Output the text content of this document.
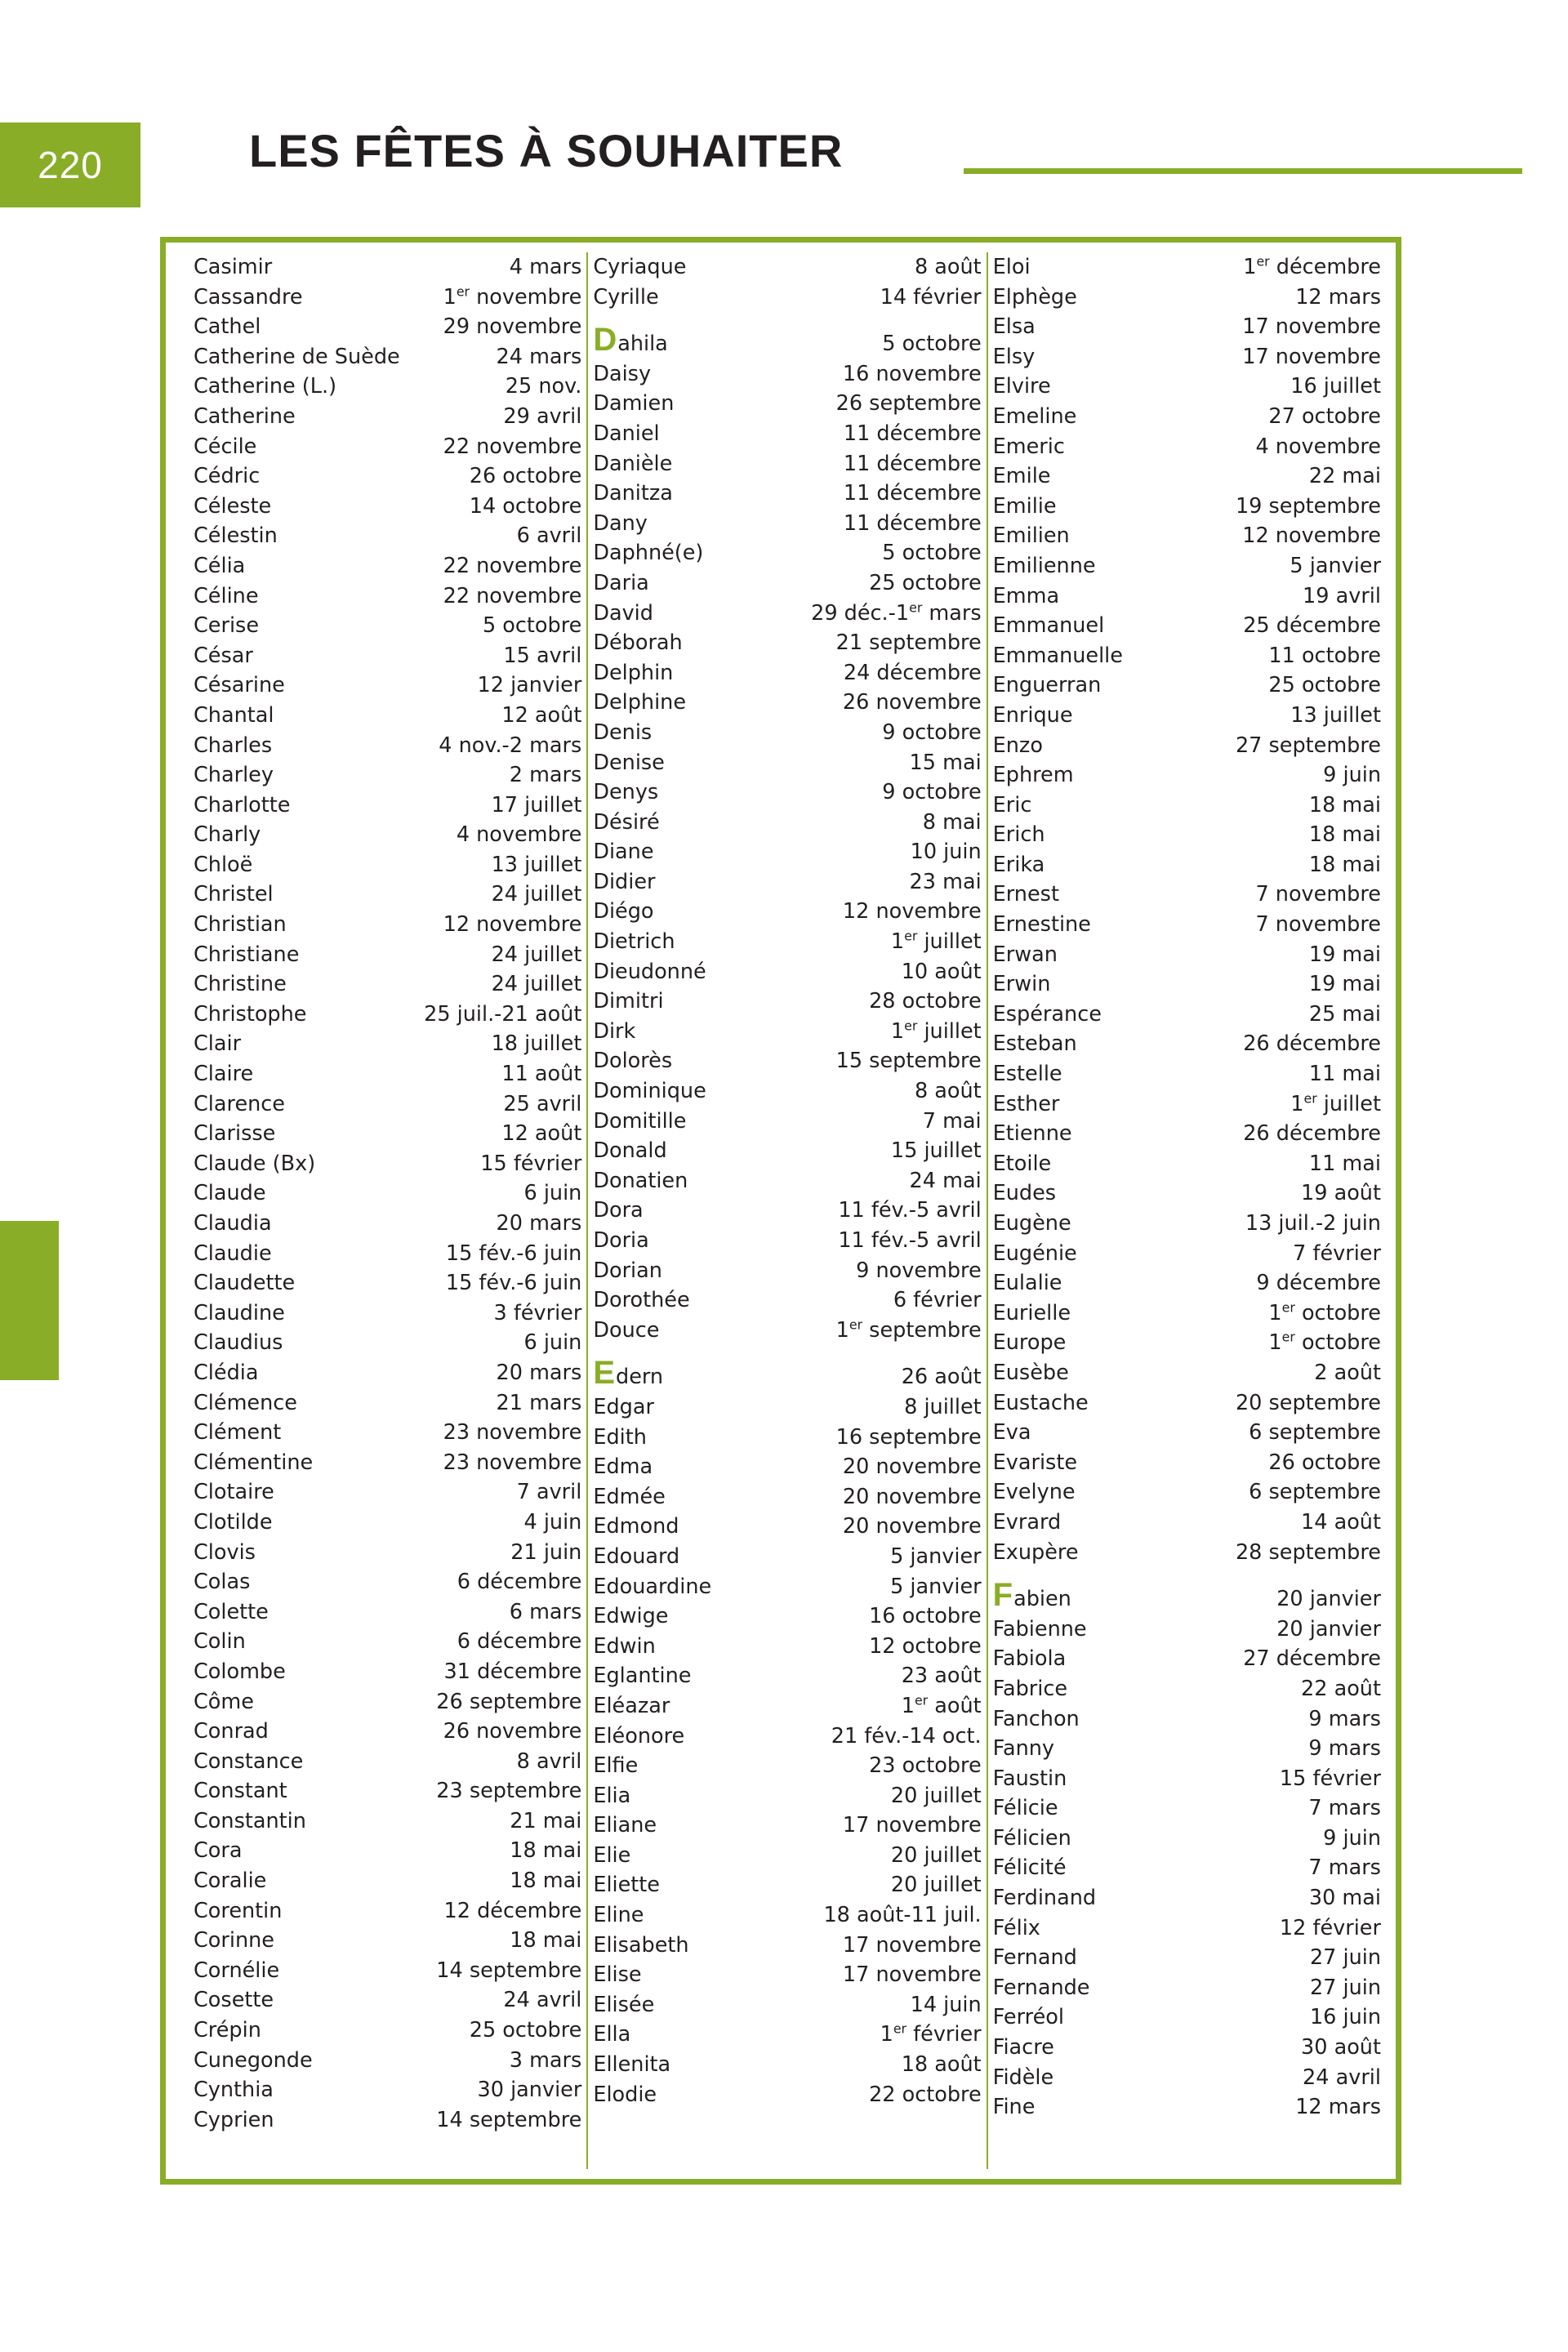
220	LES FÊTES À SOUHAITER
Casimir	4 mars
Cassandre	1er novembre
Cathel	29 novembre
Catherine de Suède	24 mars
Catherine (L.)	25 nov.
Catherine	29 avril
Cécile	22 novembre
Cédric	26 octobre
Céleste	14 octobre
Célestin	6 avril
Célia	22 novembre
Céline	22 novembre
Cerise	5 octobre
César	15 avril
Césarine	12 janvier
Chantal	12 août
Charles	4 nov.-2 mars
Charley	2 mars
Charlotte	17 juillet
Charly	4 novembre
Chloë	13 juillet
Christel	24 juillet
Christian	12 novembre
Christiane	24 juillet
Christine	24 juillet
Christophe	25 juil.-21 août
Clair	18 juillet
Claire	11 août
Clarence	25 avril
Clarisse	12 août
Claude (Bx)	15 février
Claude	6 juin
Claudia	20 mars
Claudie	15 fév.-6 juin
Claudette	15 fév.-6 juin
Claudine	3 février
Claudius	6 juin
Clédia	20 mars
Clémence	21 mars
Clément	23 novembre
Clémentine	23 novembre
Clotaire	7 avril
Clotilde	4 juin
Clovis	21 juin
Colas	6 décembre
Colette	6 mars
Colin	6 décembre
Colombe	31 décembre
Côme	26 septembre
Conrad	26 novembre
Constance	8 avril
Constant	23 septembre
Constantin	21 mai
Cora	18 mai
Coralie	18 mai
Corentin	12 décembre
Corinne	18 mai
Cornélie	14 septembre
Cosette	24 avril
Crépin	25 octobre
Cunegonde	3 mars
Cynthia	30 janvier
Cyprien	14 septembre
Cyriaque	8 août
Cyrille	14 février
D ahila	5 octobre
Daisy	16 novembre
Damien	26 septembre
Daniel	11 décembre
Danièle	11 décembre
Danitza	11 décembre
Dany	11 décembre
Daphné(e)	5 octobre
Daria	25 octobre
David	29 déc.-1er mars
Déborah	21 septembre
Delphin	24 décembre
Delphine	26 novembre
Denis	9 octobre
Denise	15 mai
Denys	9 octobre
Désiré	8 mai
Diane	10 juin
Didier	23 mai
Diégo	12 novembre
Dietrich	1er juillet
Dieudonné	10 août
Dimitri	28 octobre
Dirk	1er juillet
Dolorès	15 septembre
Dominique	8 août
Domitille	7 mai
Donald	15 juillet
Donatien	24 mai
Dora	11 fév.-5 avril
Doria	11 fév.-5 avril
Dorian	9 novembre
Dorothée	6 février
Douce	1er septembre
E dern	26 août
Edgar	8 juillet
Edith	16 septembre
Edma	20 novembre
Edmée	20 novembre
Edmond	20 novembre
Edouard	5 janvier
Edouardine	5 janvier
Edwige	16 octobre
Edwin	12 octobre
Eglantine	23 août
Eléazar	1er août
Eléonore	21 fév.-14 oct.
Elfie	23 octobre
Elia	20 juillet
Eliane	17 novembre
Elie	20 juillet
Eliette	20 juillet
Eline	18 août-11 juil.
Elisabeth	17 novembre
Elise	17 novembre
Elisée	14 juin
Ella	1er février
Ellenita	18 août
Elodie	22 octobre
Eloi	1er décembre
Elphège	12 mars
Elsa	17 novembre
Elsy	17 novembre
Elvire	16 juillet
Emeline	27 octobre
Emeric	4 novembre
Emile	22 mai
Emilie	19 septembre
Emilien	12 novembre
Emilienne	5 janvier
Emma	19 avril
Emmanuel	25 décembre
Emmanuelle	11 octobre
Enguerran	25 octobre
Enrique	13 juillet
Enzo	27 septembre
Ephrem	9 juin
Eric	18 mai
Erich	18 mai
Erika	18 mai
Ernest	7 novembre
Ernestine	7 novembre
Erwan	19 mai
Erwin	19 mai
Espérance	25 mai
Esteban	26 décembre
Estelle	11 mai
Esther	1er juillet
Etienne	26 décembre
Etoile	11 mai
Eudes	19 août
Eugène	13 juil.-2 juin
Eugénie	7 février
Eulalie	9 décembre
Eurielle	1er octobre
Europe	1er octobre
Eusèbe	2 août
Eustache	20 septembre
Eva	6 septembre
Evariste	26 octobre
Evelyne	6 septembre
Evrard	14 août
Exupère	28 septembre
F abien	20 janvier
Fabienne	20 janvier
Fabiola	27 décembre
Fabrice	22 août
Fanchon	9 mars
Fanny	9 mars
Faustin	15 février
Félicie	7 mars
Félicien	9 juin
Félicité	7 mars
Ferdinand	30 mai
Félix	12 février
Fernand	27 juin
Fernande	27 juin
Ferréol	16 juin
Fiacre	30 août
Fidèle	24 avril
Fine	12 mars
